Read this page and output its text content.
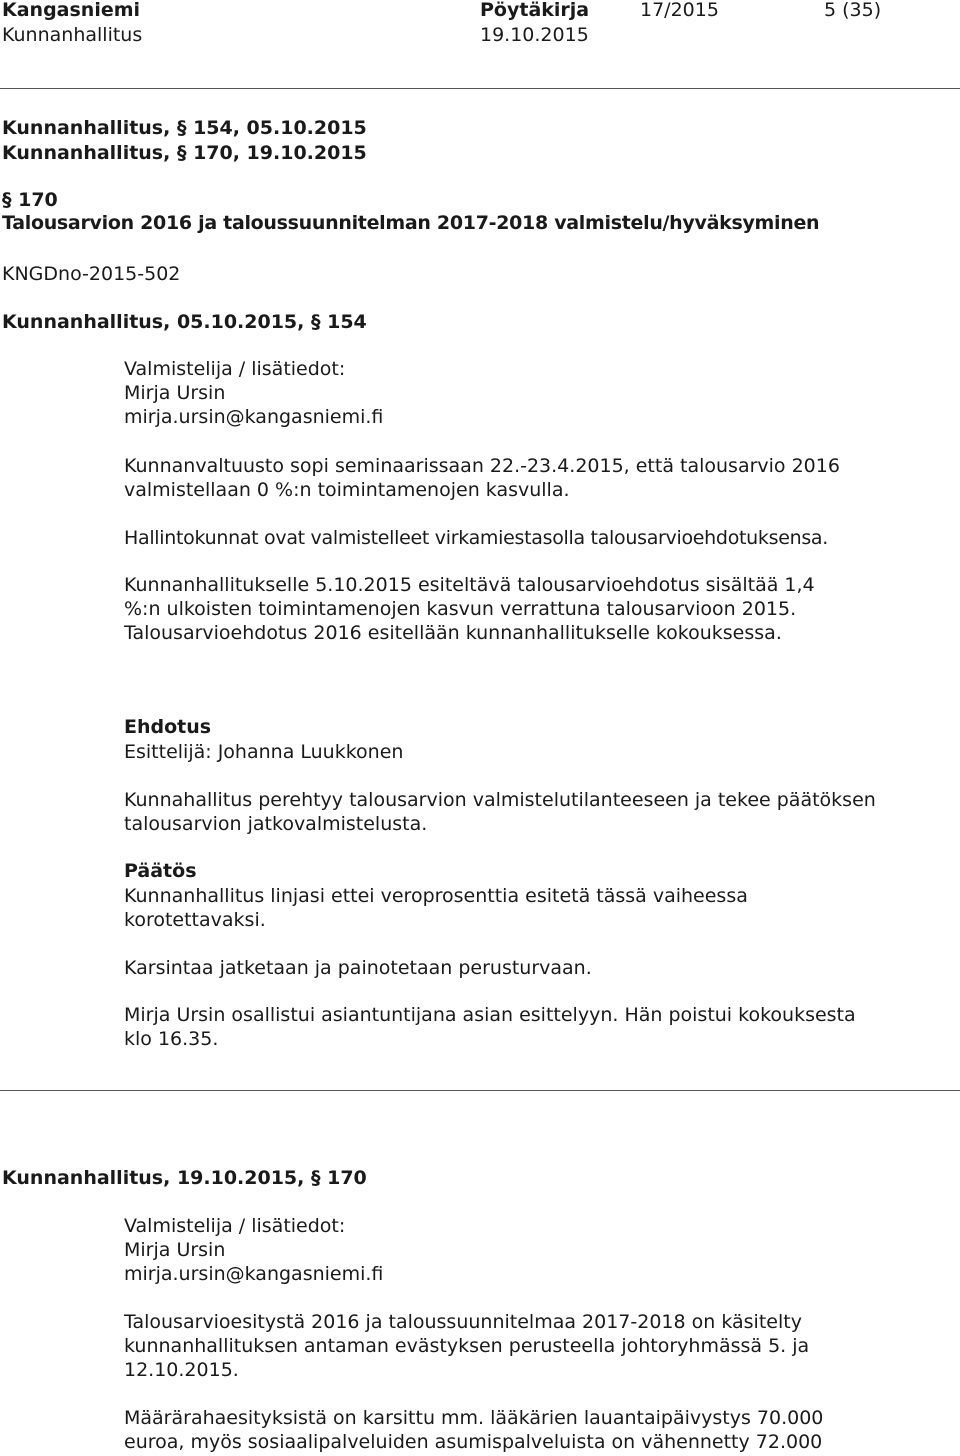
Kangasniemi	Pöytäkirja	17/2015	5 (35)
Kunnanhallitus	19.10.2015
Kunnanhallitus, § 154, 05.10.2015
Kunnanhallitus, § 170, 19.10.2015
§ 170
Talousarvion 2016 ja taloussuunnitelman 2017-2018 valmistelu/hyväksyminen
KNGDno-2015-502
Kunnanhallitus, 05.10.2015, § 154
Valmistelija / lisätiedot:
Mirja Ursin
mirja.ursin@kangasniemi.fi
Kunnanvaltuusto sopi seminaarissaan 22.-23.4.2015, että talousarvio 2016 valmistellaan 0 %:n toimintamenojen kasvulla.
Hallintokunnat ovat valmistelleet virkamiestasolla talousarvioehdotuksensa.
Kunnanhallitukselle 5.10.2015 esiteltävä talousarvioehdotus sisältää 1,4 %:n ulkoisten toimintamenojen kasvun verrattuna talousarvioon 2015. Talousarvioehdotus 2016 esitellään kunnanhallitukselle kokouksessa.
Ehdotus
Esittelijä: Johanna Luukkonen
Kunnahallitus perehtyy talousarvion valmistelutilanteeseen ja tekee päätöksen talousarvion jatkovalmistelusta.
Päätös
Kunnanhallitus linjasi ettei veroprosenttia esitetä tässä vaiheessa korotettavaksi.
Karsintaa jatketaan ja painotetaan perusturvaan.
Mirja Ursin osallistui asiantuntijana asian esittelyyn. Hän poistui kokouksesta klo 16.35.
Kunnanhallitus, 19.10.2015, § 170
Valmistelija / lisätiedot:
Mirja Ursin
mirja.ursin@kangasniemi.fi
Talousarvioesitystä 2016 ja taloussuunnitelmaa 2017-2018 on käsitelty kunnanhallituksen antaman evästyksen perusteella johtoryhmässä 5. ja 12.10.2015.
Määrärahaesityksistä on karsittu mm. lääkärien lauantaipäivystys 70.000 euroa, myös sosiaalipalveluiden asumispalveluista on vähennetty 72.000
